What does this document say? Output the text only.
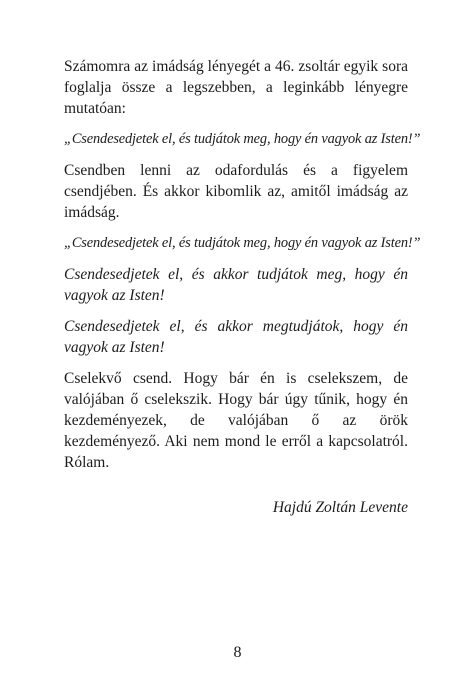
Számomra az imádság lényegét a 46. zsoltár egyik sora foglalja össze a legszebben, a leginkább lényegre mutatóan:

„Csendesedjetek el, és tudjátok meg, hogy én vagyok az Isten!”

Csendben lenni az odafordulás és a figyelem csendjében. És akkor kibomlik az, amitől imádság az imádság.

„Csendesedjetek el, és tudjátok meg, hogy én vagyok az Isten!”

Csendesedjetek el, és akkor tudjátok meg, hogy én vagyok az Isten!

Csendesedjetek el, és akkor megtudjátok, hogy én vagyok az Isten!

Cselekvő csend. Hogy bár én is cselekszem, de valójában ő cselekszik. Hogy bár úgy tűnik, hogy én kezdeményezek, de valójában ő az örök kezdeményező. Aki nem mond le erről a kapcsolatról. Rólam.

Hajdú Zoltán Levente
8
